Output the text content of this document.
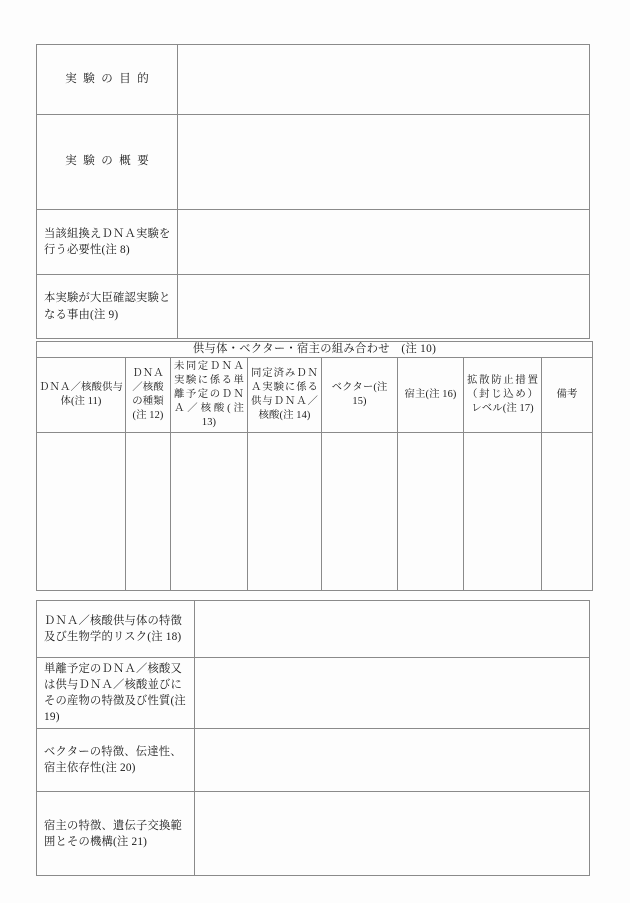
実験の目的	
実験の概要	
当該組換えＤＮＡ実験を行う必要性(注 8)	
本実験が大臣確認実験となる事由(注 9)	
供与体・ベクター・宿主の組み合わせ　(注 10)							
ＤＮＡ／核酸供与体(注 11)	ＤＮＡ／核酸の種類(注 12)	未同定ＤＮＡ実験に係る単離予定のＤＮＡ／核酸(注 13)	同定済みＤＮＡ実験に係る供与ＤＮＡ／核酸(注 14)	ベクター(注 15)	宿主(注 16)	拡散防止措置（封じ込め）レベル(注 17)	備考

ＤＮＡ／核酸供与体の特徴及び生物学的リスク(注 18)	
単離予定のＤＮＡ／核酸又は供与ＤＮＡ／核酸並びにその産物の特徴及び性質(注 19)	
ベクターの特徴、伝達性、宿主依存性(注 20)	
宿主の特徴、遺伝子交換範囲とその機構(注 21)	
